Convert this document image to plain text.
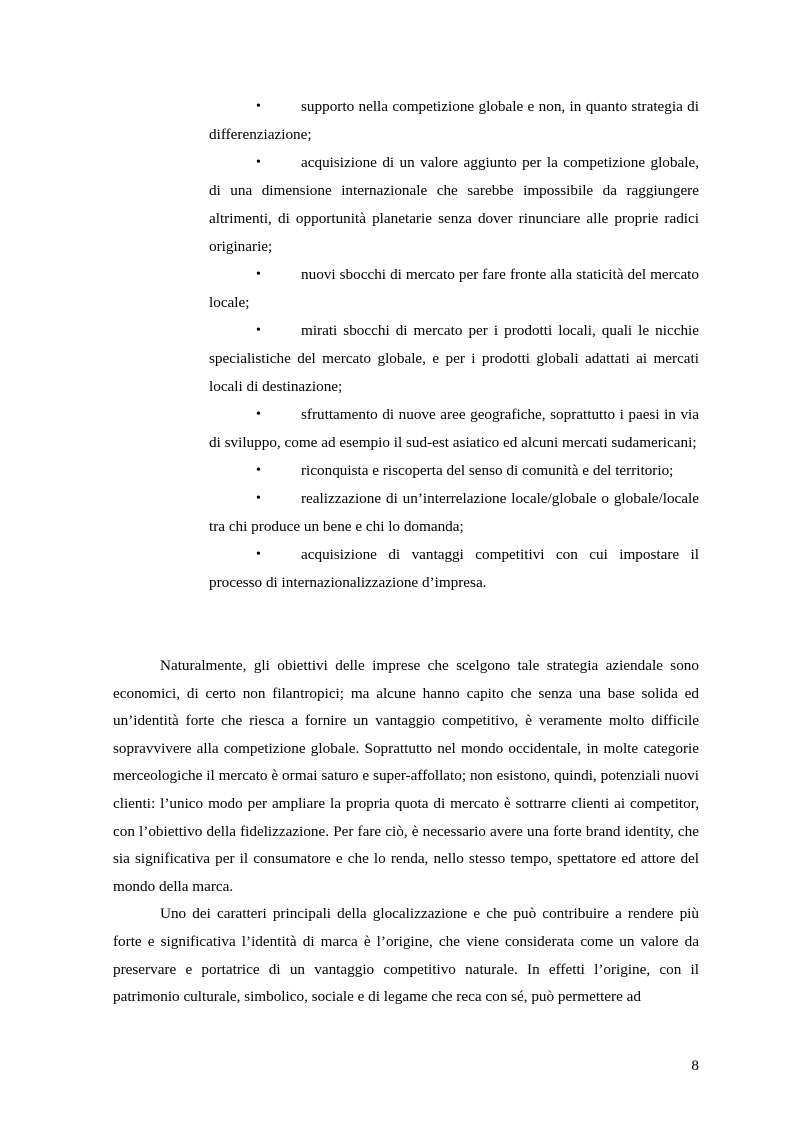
•	supporto nella competizione globale e non, in quanto strategia di differenziazione;
•	acquisizione di un valore aggiunto per la competizione globale, di una dimensione internazionale che sarebbe impossibile da raggiungere altrimenti, di opportunità planetarie senza dover rinunciare alle proprie radici originarie;
•	nuovi sbocchi di mercato per fare fronte alla staticità del mercato locale;
•	mirati sbocchi di mercato per i prodotti locali, quali le nicchie specialistiche del mercato globale, e per i prodotti globali adattati ai mercati locali di destinazione;
•	sfruttamento di nuove aree geografiche, soprattutto i paesi in via di sviluppo, come ad esempio il sud-est asiatico ed alcuni mercati sudamericani;
•	riconquista e riscoperta del senso di comunità e del territorio;
•	realizzazione di un’interrelazione locale/globale o globale/locale tra chi produce un bene e chi lo domanda;
•	acquisizione di vantaggi competitivi con cui impostare il processo di internazionalizzazione d’impresa.

Naturalmente, gli obiettivi delle imprese che scelgono tale strategia aziendale sono economici, di certo non filantropici; ma alcune hanno capito che senza una base solida ed un’identità forte che riesca a fornire un vantaggio competitivo, è veramente molto difficile sopravvivere alla competizione globale. Soprattutto nel mondo occidentale, in molte categorie merceologiche il mercato è ormai saturo e super-affollato; non esistono, quindi, potenziali nuovi clienti: l’unico modo per ampliare la propria quota di mercato è sottrarre clienti ai competitor, con l’obiettivo della fidelizzazione. Per fare ciò, è necessario avere una forte brand identity, che sia significativa per il consumatore e che lo renda, nello stesso tempo, spettatore ed attore del mondo della marca.

Uno dei caratteri principali della glocalizzazione e che può contribuire a rendere più forte e significativa l’identità di marca è l’origine, che viene considerata come un valore da preservare e portatrice di un vantaggio competitivo naturale. In effetti l’origine, con il patrimonio culturale, simbolico, sociale e di legame che reca con sé, può permettere ad

8
